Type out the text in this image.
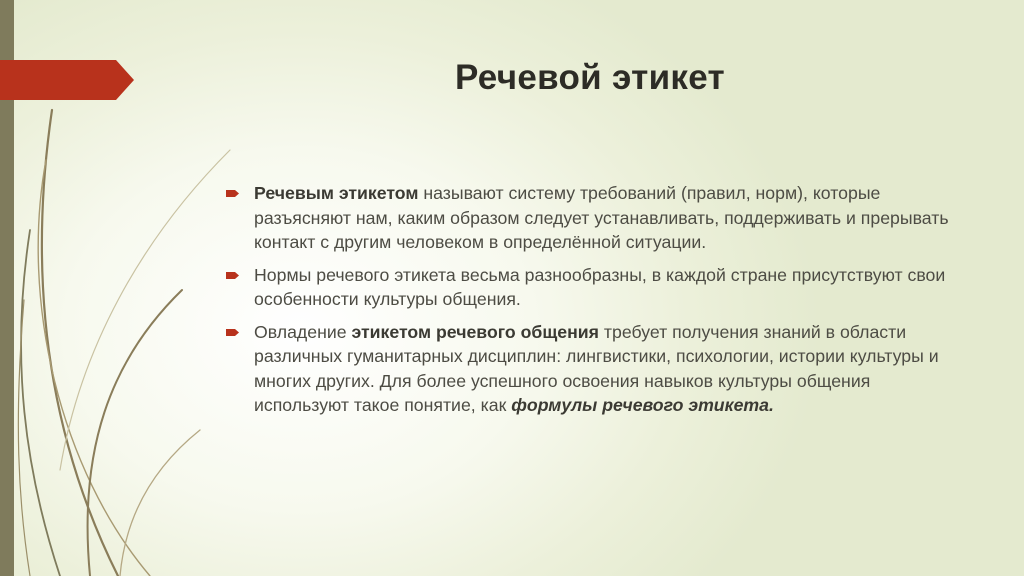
Речевой этикет
Речевым этикетом называют систему требований (правил, норм), которые разъясняют нам, каким образом следует устанавливать, поддерживать и прерывать контакт с другим человеком в определённой ситуации.
Нормы речевого этикета весьма разнообразны, в каждой стране присутствуют свои особенности культуры общения.
Овладение этикетом речевого общения требует получения знаний в области различных гуманитарных дисциплин: лингвистики, психологии, истории культуры и многих других. Для более успешного освоения навыков культуры общения используют такое понятие, как формулы речевого этикета.
